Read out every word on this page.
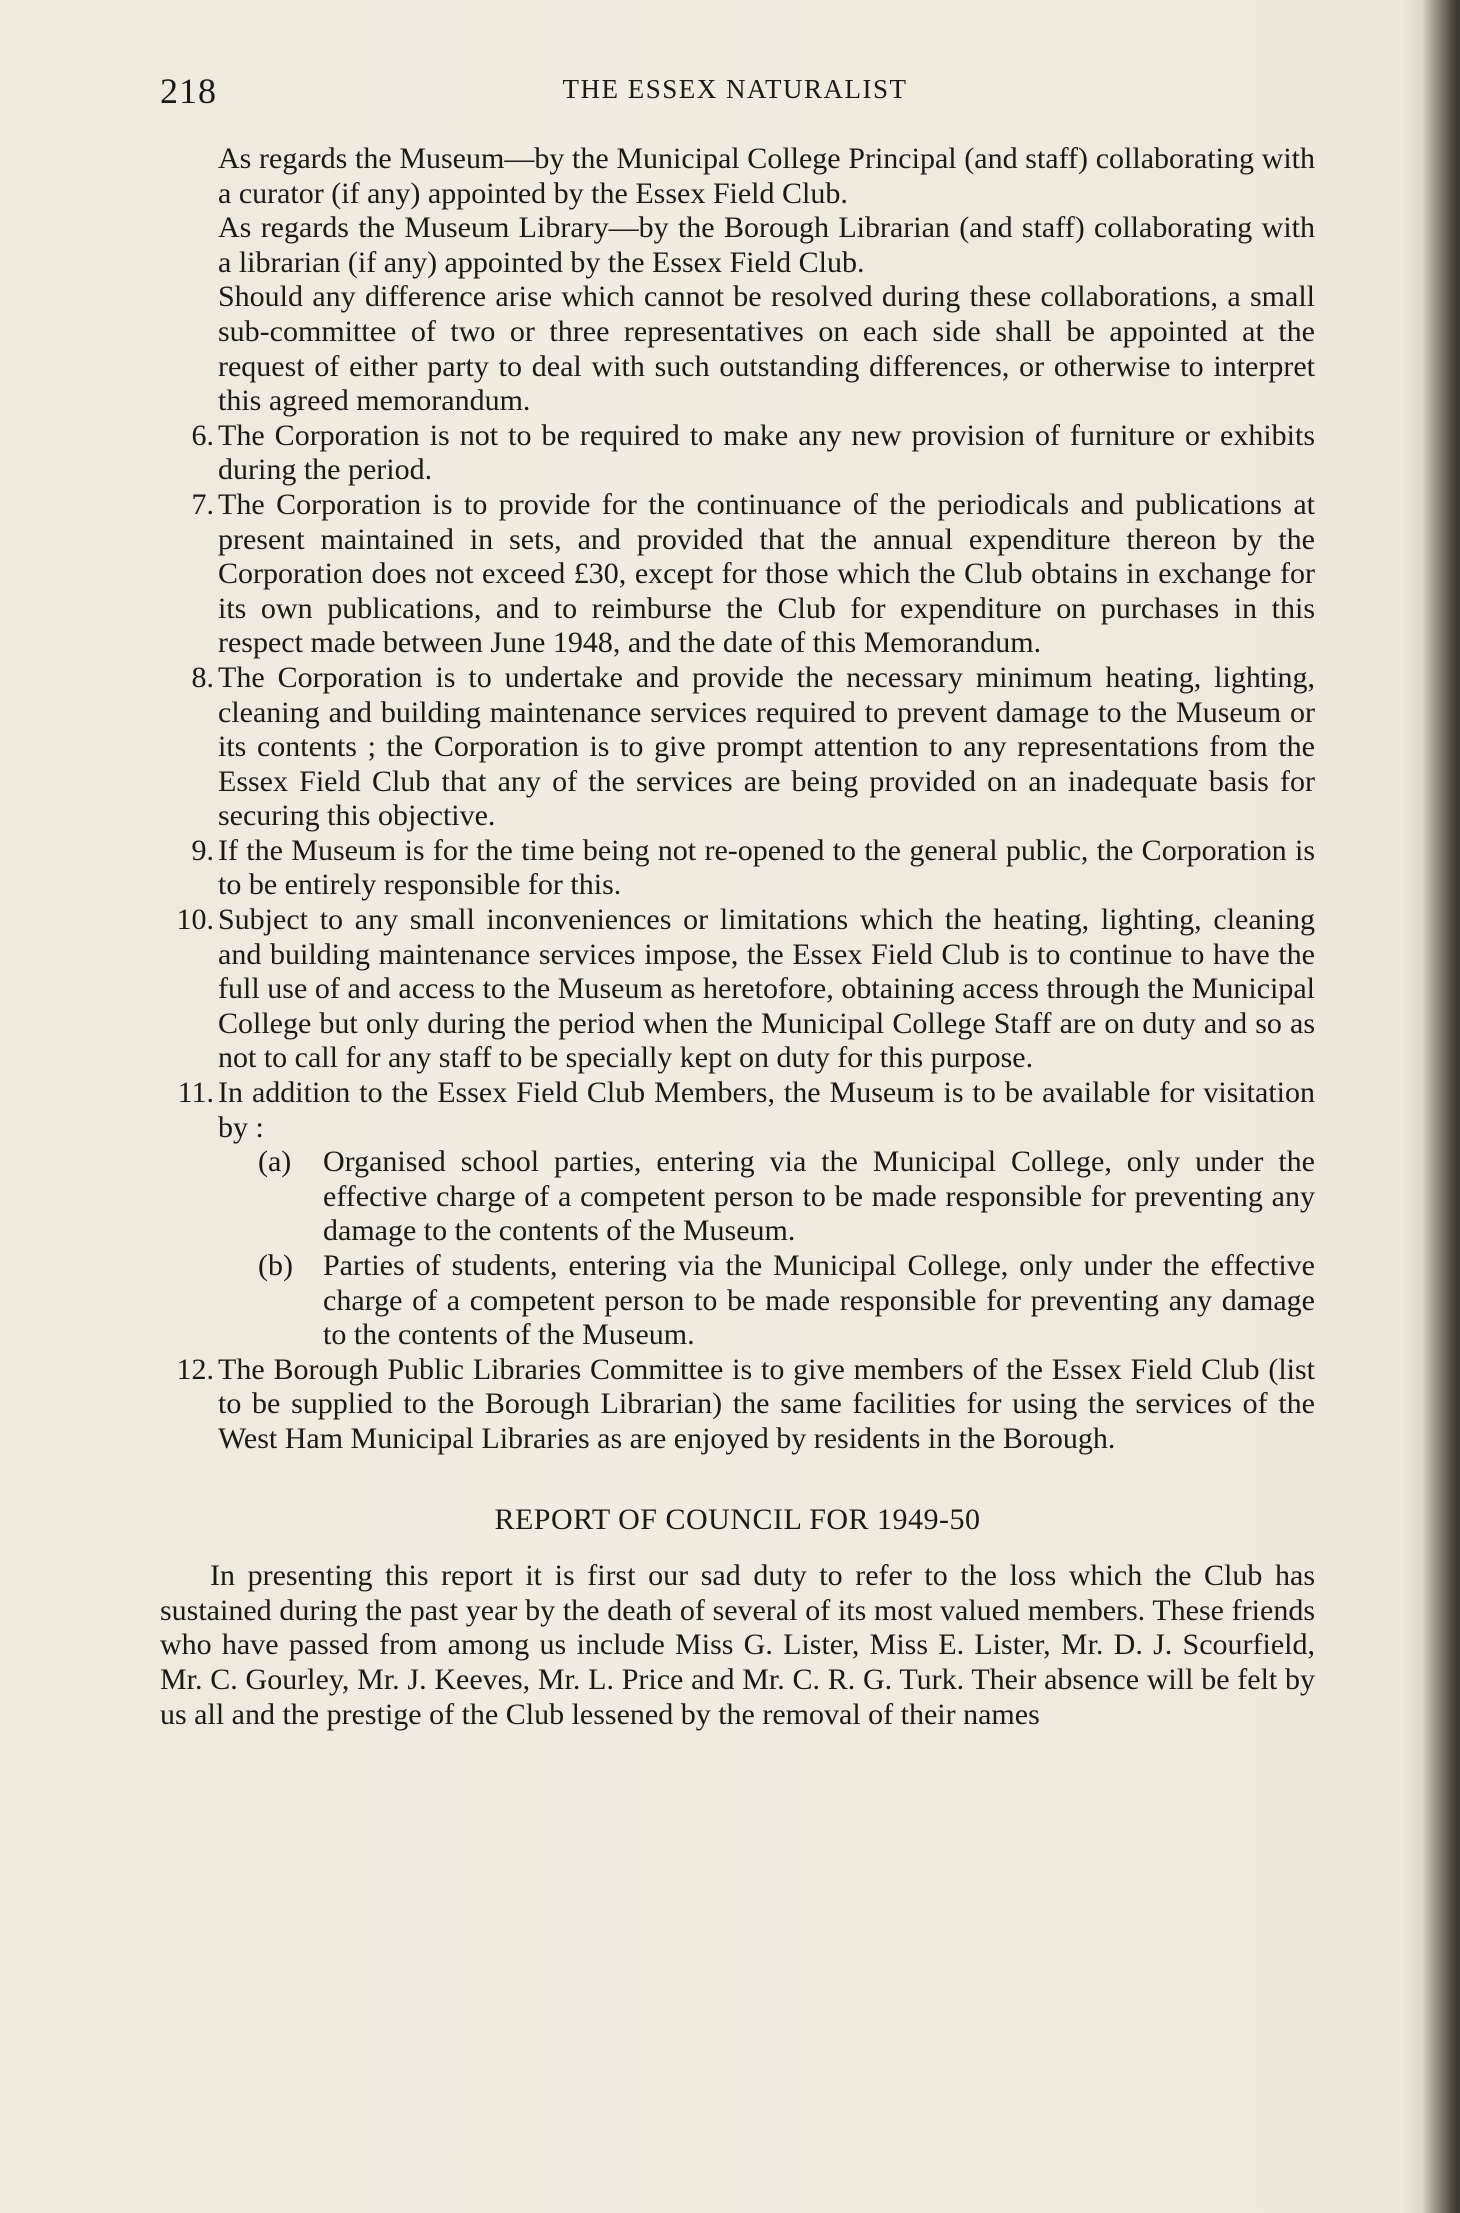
218	THE ESSEX NATURALIST

As regards the Museum—by the Municipal College Principal (and staff) collaborating with a curator (if any) appointed by the Essex Field Club.

As regards the Museum Library—by the Borough Librarian (and staff) collaborating with a librarian (if any) appointed by the Essex Field Club.

Should any difference arise which cannot be resolved during these collaborations, a small sub-committee of two or three representatives on each side shall be appointed at the request of either party to deal with such outstanding differences, or otherwise to interpret this agreed memorandum.

6. The Corporation is not to be required to make any new provision of furniture or exhibits during the period.
7. The Corporation is to provide for the continuance of the periodicals and publications at present maintained in sets, and provided that the annual expenditure thereon by the Corporation does not exceed £30, except for those which the Club obtains in exchange for its own publications, and to reimburse the Club for expenditure on purchases in this respect made between June 1948, and the date of this Memorandum.
8. The Corporation is to undertake and provide the necessary minimum heating, lighting, cleaning and building maintenance services required to prevent damage to the Museum or its contents ; the Corporation is to give prompt attention to any representations from the Essex Field Club that any of the services are being provided on an inadequate basis for securing this objective.
9. If the Museum is for the time being not re-opened to the general public, the Corporation is to be entirely responsible for this.
10. Subject to any small inconveniences or limitations which the heating, lighting, cleaning and building maintenance services impose, the Essex Field Club is to continue to have the full use of and access to the Museum as heretofore, obtaining access through the Municipal College but only during the period when the Municipal College Staff are on duty and so as not to call for any staff to be specially kept on duty for this purpose.
11. In addition to the Essex Field Club Members, the Museum is to be available for visitation by :
(a) Organised school parties, entering via the Municipal College, only under the effective charge of a competent person to be made responsible for preventing any damage to the contents of the Museum.
(b) Parties of students, entering via the Municipal College, only under the effective charge of a competent person to be made responsible for preventing any damage to the contents of the Museum.
12. The Borough Public Libraries Committee is to give members of the Essex Field Club (list to be supplied to the Borough Librarian) the same facilities for using the services of the West Ham Municipal Libraries as are enjoyed by residents in the Borough.
REPORT OF COUNCIL FOR 1949-50

In presenting this report it is first our sad duty to refer to the loss which the Club has sustained during the past year by the death of several of its most valued members. These friends who have passed from among us include Miss G. Lister, Miss E. Lister, Mr. D. J. Scourfield, Mr. C. Gourley, Mr. J. Keeves, Mr. L. Price and Mr. C. R. G. Turk. Their absence will be felt by us all and the prestige of the Club lessened by the removal of their names
